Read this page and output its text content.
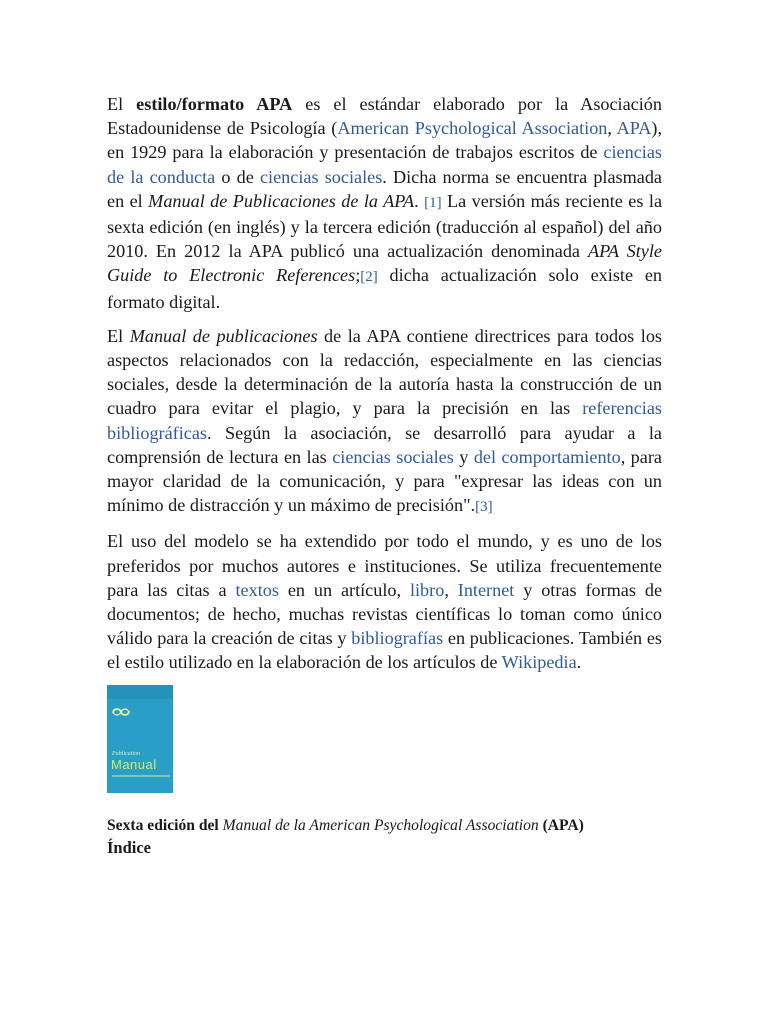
El estilo/formato APA es el estándar elaborado por la Asociación Estadounidense de Psicología (American Psychological Association, APA), en 1929 para la elaboración y presentación de trabajos escritos de ciencias de la conducta o de ciencias sociales. Dicha norma se encuentra plasmada en el Manual de Publicaciones de la APA. [1] La versión más reciente es la sexta edición (en inglés) y la tercera edición (traducción al español) del año 2010. En 2012 la APA publicó una actualización denominada APA Style Guide to Electronic References;[2] dicha actualización solo existe en formato digital.

El Manual de publicaciones de la APA contiene directrices para todos los aspectos relacionados con la redacción, especialmente en las ciencias sociales, desde la determinación de la autoría hasta la construcción de un cuadro para evitar el plagio, y para la precisión en las referencias bibliográficas. Según la asociación, se desarrolló para ayudar a la comprensión de lectura en las ciencias sociales y del comportamiento, para mayor claridad de la comunicación, y para "expresar las ideas con un mínimo de distracción y un máximo de precisión".[3]

El uso del modelo se ha extendido por todo el mundo, y es uno de los preferidos por muchos autores e instituciones. Se utiliza frecuentemente para las citas a textos en un artículo, libro, Internet y otras formas de documentos; de hecho, muchas revistas científicas lo toman como único válido para la creación de citas y bibliografías en publicaciones. También es el estilo utilizado en la elaboración de los artículos de Wikipedia.

Publication
Manual
Sexta edición del Manual de la American Psychological Association (APA)
Índice
